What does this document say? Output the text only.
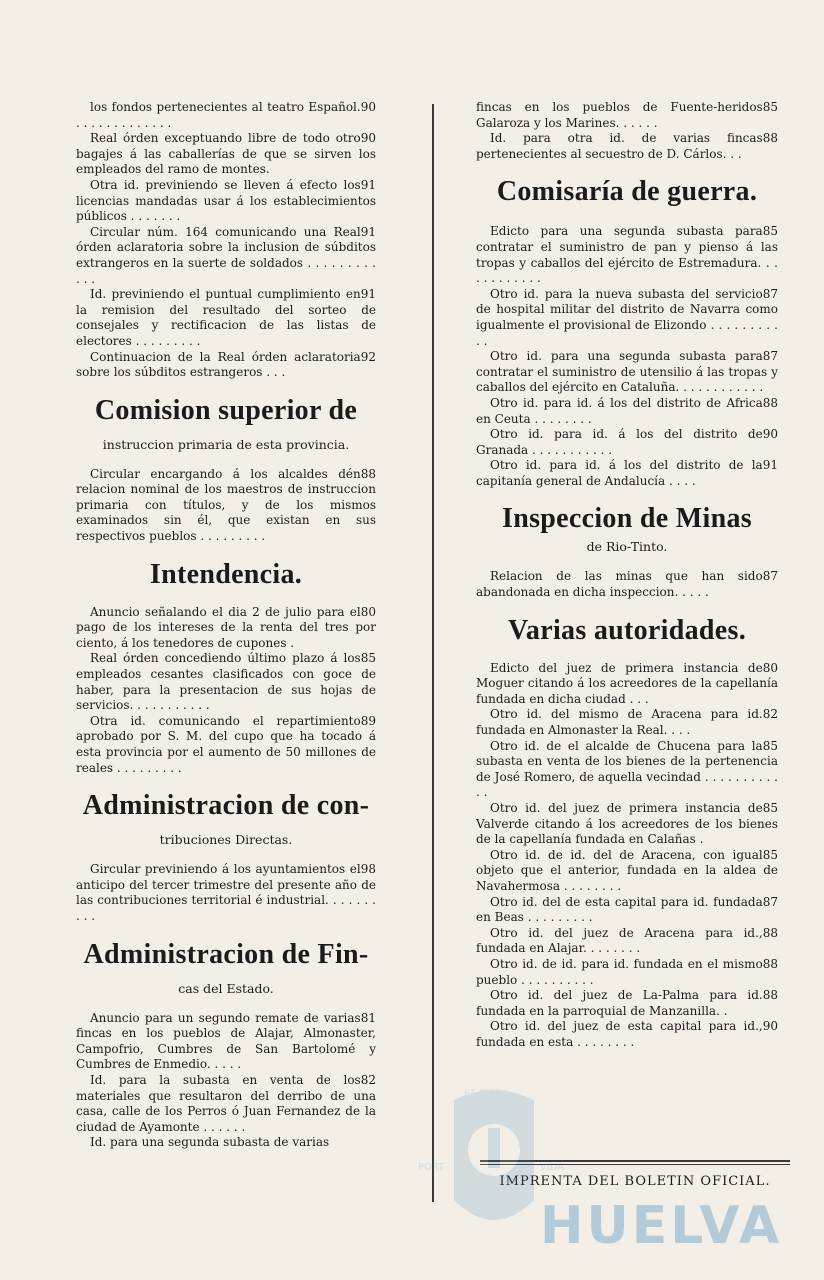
90
los fondos pertenecientes al teatro Español. . . . . . . . . . . . . .

90
Real órden exceptuando libre de todo otro bagajes á las caballerías de que se sirven los empleados del ramo de montes.

91
Otra id. previniendo se lleven á efecto los licencias mandadas usar á los establecimientos públicos . . . . . . .

91
Circular núm. 164 comunicando una Real órden aclaratoria sobre la inclusion de súbditos extrangeros en la suerte de soldados . . . . . . . . . . . .

91
Id. previniendo el puntual cumplimiento en la remision del resultado del sorteo de consejales y rectificacion de las listas de electores . . . . . . . . .

92
Continuacion de la Real órden aclaratoria sobre los súbditos estrangeros . . .

Comision superior de

instruccion primaria de esta provincia.

88
Circular encargando á los alcaldes dén relacion nominal de los maestros de instruccion primaria con títulos, y de los mismos examinados sin él, que existan en sus respectivos pueblos . . . . . . . . .

Intendencia.

80
Anuncio señalando el dia 2 de julio para el pago de los intereses de la renta del tres por ciento, á los tenedores de cupones .

85
Real órden concediendo último plazo á los empleados cesantes clasificados con goce de haber, para la presentacion de sus hojas de servicios. . . . . . . . . . .

89
Otra id. comunicando el repartimiento aprobado por S. M. del cupo que ha tocado á esta provincia por el aumento de 50 millones de reales . . . . . . . . .

Administracion de con-

tribuciones Directas.

98
Gircular previniendo á los ayuntamientos el anticipo del tercer trimestre del presente año de las contribuciones territorial é industrial. . . . . . . . . .

Administracion de Fin-

cas del Estado.

81
Anuncio para un segundo remate de varias fincas en los pueblos de Alajar, Almonaster, Campofrio, Cumbres de San Bartolomé y Cumbres de Enmedio. . . . .

82
Id. para la subasta en venta de los materiales que resultaron del derribo de una casa, calle de los Perros ó Juan Fernandez de la ciudad de Ayamonte . . . . . .

Id. para una segunda subasta de varias

85
fincas en los pueblos de Fuente-heridos Galaroza y los Marines. . . . . .

88
Id. para otra id. de varias fincas pertenecientes al secuestro de D. Cárlos. . .

Comisaría de guerra.

85
Edicto para una segunda subasta para contratar el suministro de pan y pienso á las tropas y caballos del ejército de Estremadura. . . . . . . . . . . .

87
Otro id. para la nueva subasta del servicio de hospital militar del distrito de Navarra como igualmente el provisional de Elizondo . . . . . . . . . . .

87
Otro id. para una segunda subasta para contratar el suministro de utensilio á las tropas y caballos del ejército en Cataluña. . . . . . . . . . . .

88
Otro id. para id. á los del distrito de Africa en Ceuta . . . . . . . .

90
Otro id. para id. á los del distrito de Granada . . . . . . . . . . .

91
Otro id. para id. á los del distrito de la capitanía general de Andalucía . . . .

Inspeccion de Minas

de Rio-Tinto.

87
Relacion de las minas que han sido abandonada en dicha inspeccion. . . . .

Varias autoridades.

80
Edicto del juez de primera instancia de Moguer citando á los acreedores de la capellanía fundada en dicha ciudad . . .

82
Otro id. del mismo de Aracena para id. fundada en Almonaster la Real. . . .

85
Otro id. de el alcalde de Chucena para la subasta en venta de los bienes de la pertenencia de José Romero, de aquella vecindad . . . . . . . . . . . .

85
Otro id. del juez de primera instancia de Valverde citando á los acreedores de los bienes de la capellanía fundada en Calañas .

85
Otro id. de id. del de Aracena, con igual objeto que el anterior, fundada en la aldea de Navahermosa . . . . . . . .

87
Otro id. del de esta capital para id. fundada en Beas . . . . . . . . .

88
Otro id. del juez de Aracena para id., fundada en Alajar. . . . . . . .

88
Otro id. de id. para id. fundada en el mismo pueblo . . . . . . . . . .

88
Otro id. del juez de La-Palma para id. fundada en la parroquial de Manzanilla. .

90
Otro id. del juez de esta capital para id., fundada en esta . . . . . . . .

IMPRENTA DEL BOLETIN OFICIAL.
PORT	VIDA
ET TERRE
HUELVA
